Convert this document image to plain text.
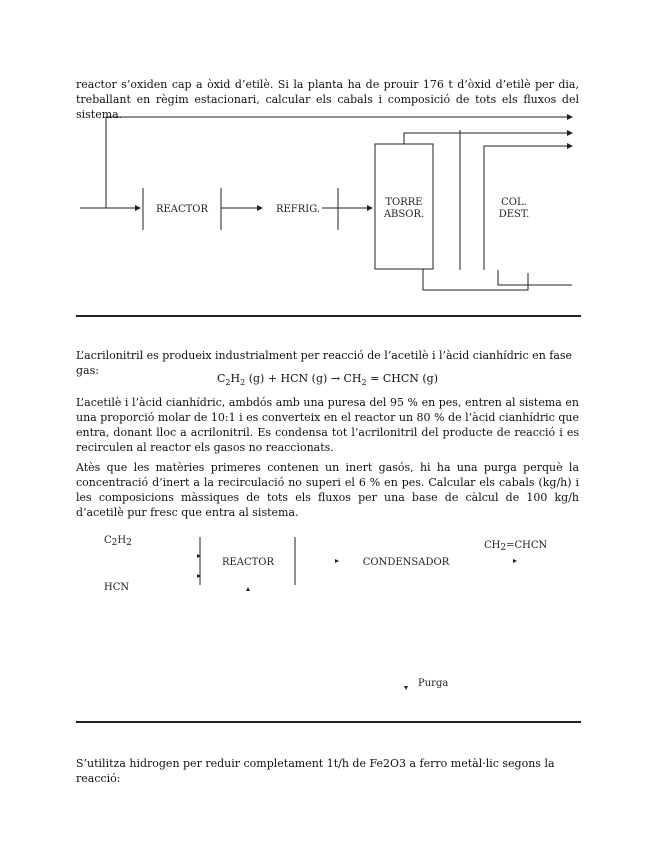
reactor s’oxiden cap a òxid d’etilè. Si la planta ha de prouir 176 t d’òxid d’etilè per dia, treballant en règim estacionari, calcular els cabals i composició de tots els fluxos del sistema.

REACTOR	REFRIG.
TORRE
ABSOR.
COL.
DEST.

L’acrilonitril es produeix industrialment per reacció de l’acetilè i l’àcid cianhídric en fase gas:

$C_2H_2$ (g) + HCN $(g) \to CH_2$ = CHCN (g)

L’acetilè i l’àcid cianhídric, ambdós amb una puresa del 95 % en pes, entren al sistema en una proporció molar de 10:1 i es converteix en el reactor un 80 % de l’àcid cianhídric que entra, donant lloc a acrilonitril. Es condensa tot l’acrilonitril del producte de reacció i es recirculen al reactor els gasos no reaccionats.

Atès que les matèries primeres contenen un inert gasós, hi ha una purga perquè la concentració d’inert a la recirculació no superi el 6 % en pes. Calcular els cabals (kg/h) i les composicions màssiques de tots els fluxos per una base de càlcul de 100 kg/h d’acetilè pur fresc que entra al sistema.

C2H2
HCN
REACTOR	CONDENSADOR
CH2=CHCN
Purga

S’utilitza hidrogen per reduir completament 1t/h de Fe2O3 a ferro metàl·lic segons la reacció:
